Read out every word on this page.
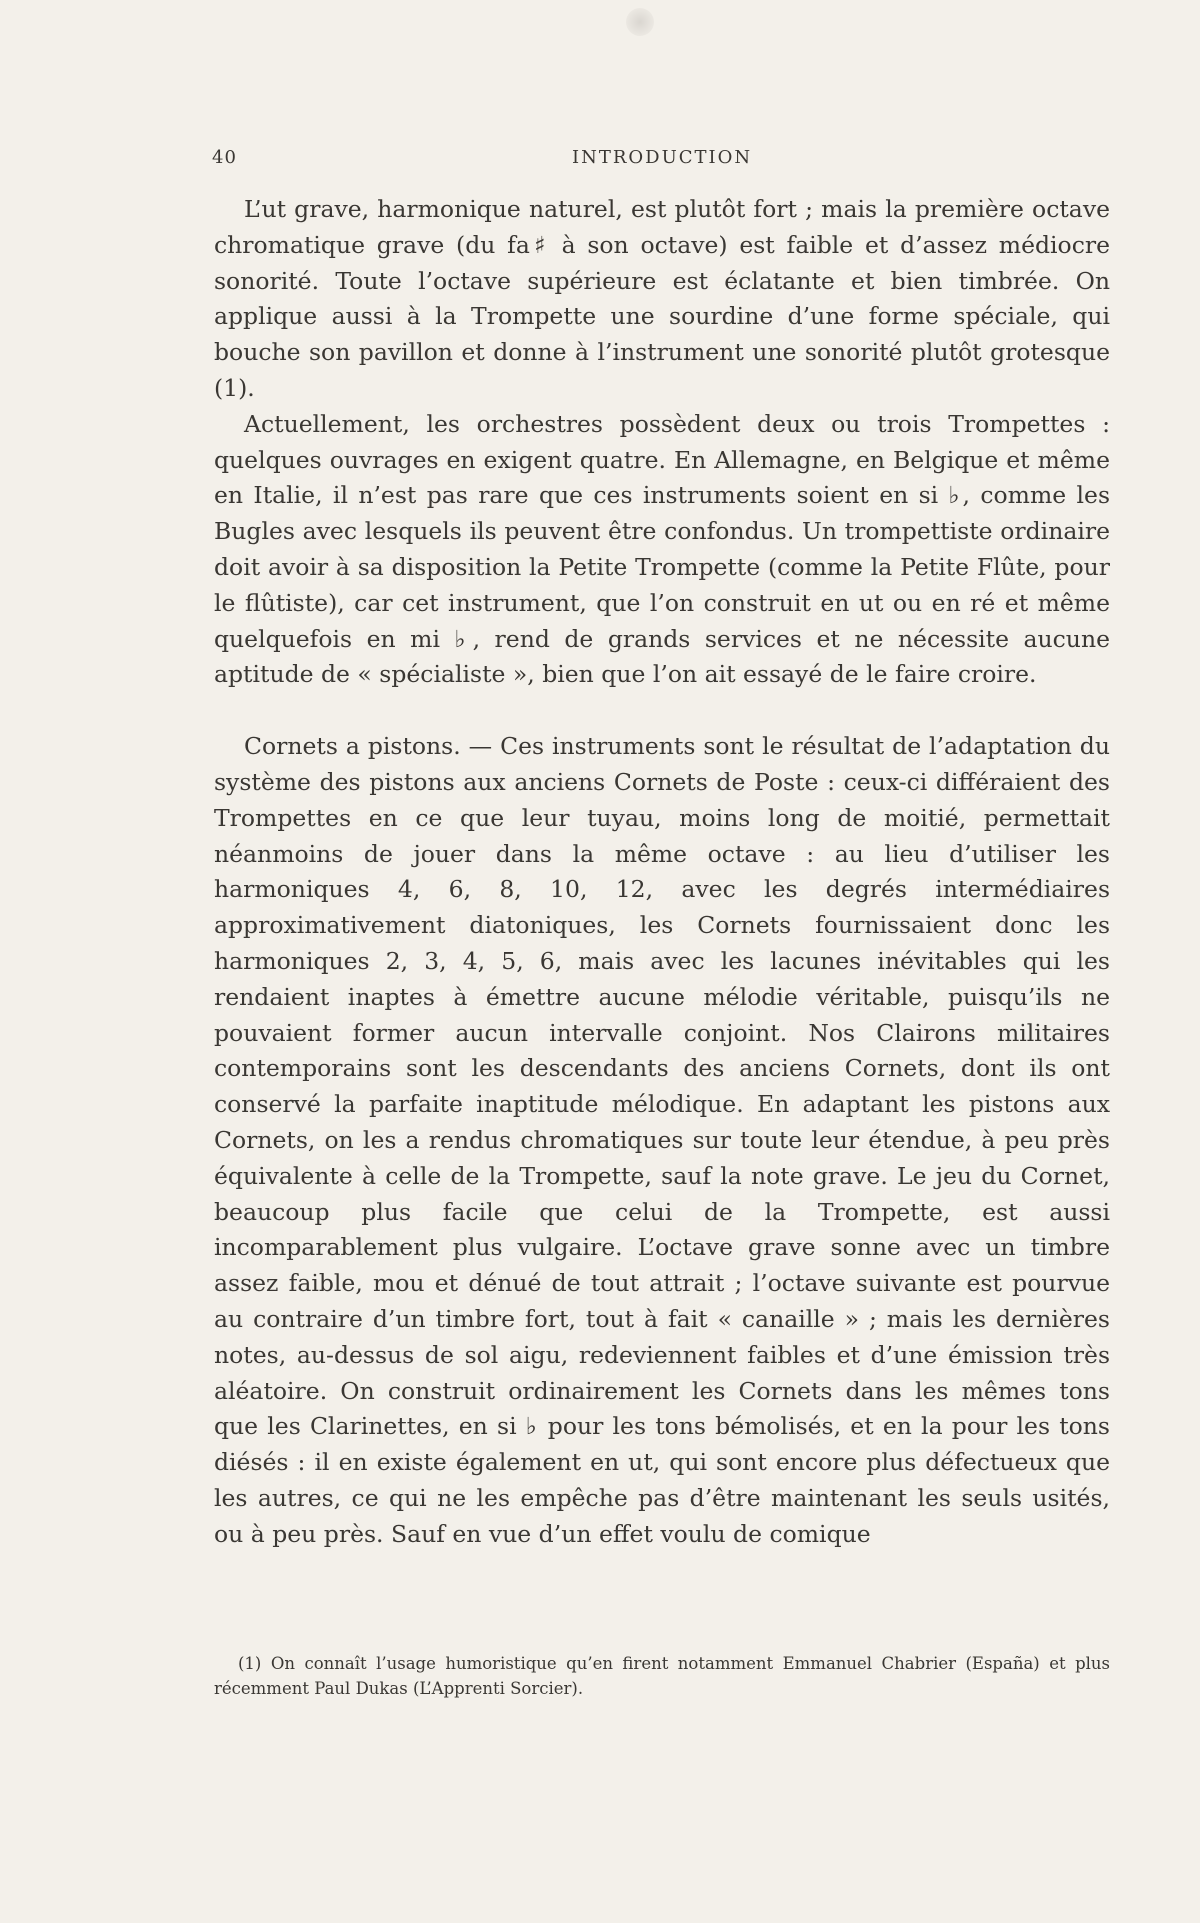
40	INTRODUCTION

L’ut grave, harmonique naturel, est plutôt fort ; mais la première octave chromatique grave (du fa♯ à son octave) est faible et d’assez médiocre sonorité. Toute l’octave supérieure est éclatante et bien timbrée. On applique aussi à la Trompette une sourdine d’une forme spéciale, qui bouche son pavillon et donne à l’instrument une sonorité plutôt grotesque (1).

Actuellement, les orchestres possèdent deux ou trois Trompettes : quelques ouvrages en exigent quatre. En Allemagne, en Belgique et même en Italie, il n’est pas rare que ces instruments soient en si ♭, comme les Bugles avec lesquels ils peuvent être confondus. Un trompettiste ordinaire doit avoir à sa disposition la Petite Trompette (comme la Petite Flûte, pour le flûtiste), car cet instrument, que l’on construit en ut ou en ré et même quelquefois en mi ♭, rend de grands services et ne nécessite aucune aptitude de « spécialiste », bien que l’on ait essayé de le faire croire.

Cornets a pistons. — Ces instruments sont le résultat de l’adaptation du système des pistons aux anciens Cornets de Poste : ceux-ci différaient des Trompettes en ce que leur tuyau, moins long de moitié, permettait néanmoins de jouer dans la même octave : au lieu d’utiliser les harmoniques 4, 6, 8, 10, 12, avec les degrés intermédiaires approximativement diatoniques, les Cornets fournissaient donc les harmoniques 2, 3, 4, 5, 6, mais avec les lacunes inévitables qui les rendaient inaptes à émettre aucune mélodie véritable, puisqu’ils ne pouvaient former aucun intervalle conjoint. Nos Clairons militaires contemporains sont les descendants des anciens Cornets, dont ils ont conservé la parfaite inaptitude mélodique. En adaptant les pistons aux Cornets, on les a rendus chromatiques sur toute leur étendue, à peu près équivalente à celle de la Trompette, sauf la note grave. Le jeu du Cornet, beaucoup plus facile que celui de la Trompette, est aussi incomparablement plus vulgaire. L’octave grave sonne avec un timbre assez faible, mou et dénué de tout attrait ; l’octave suivante est pourvue au contraire d’un timbre fort, tout à fait « canaille » ; mais les dernières notes, au-dessus de sol aigu, redeviennent faibles et d’une émission très aléatoire. On construit ordinairement les Cornets dans les mêmes tons que les Clarinettes, en si ♭ pour les tons bémolisés, et en la pour les tons diésés : il en existe également en ut, qui sont encore plus défectueux que les autres, ce qui ne les empêche pas d’être maintenant les seuls usités, ou à peu près. Sauf en vue d’un effet voulu de comique

(1) On connaît l’usage humoristique qu’en firent notamment Emmanuel Chabrier (España) et plus récemment Paul Dukas (L’Apprenti Sorcier).
